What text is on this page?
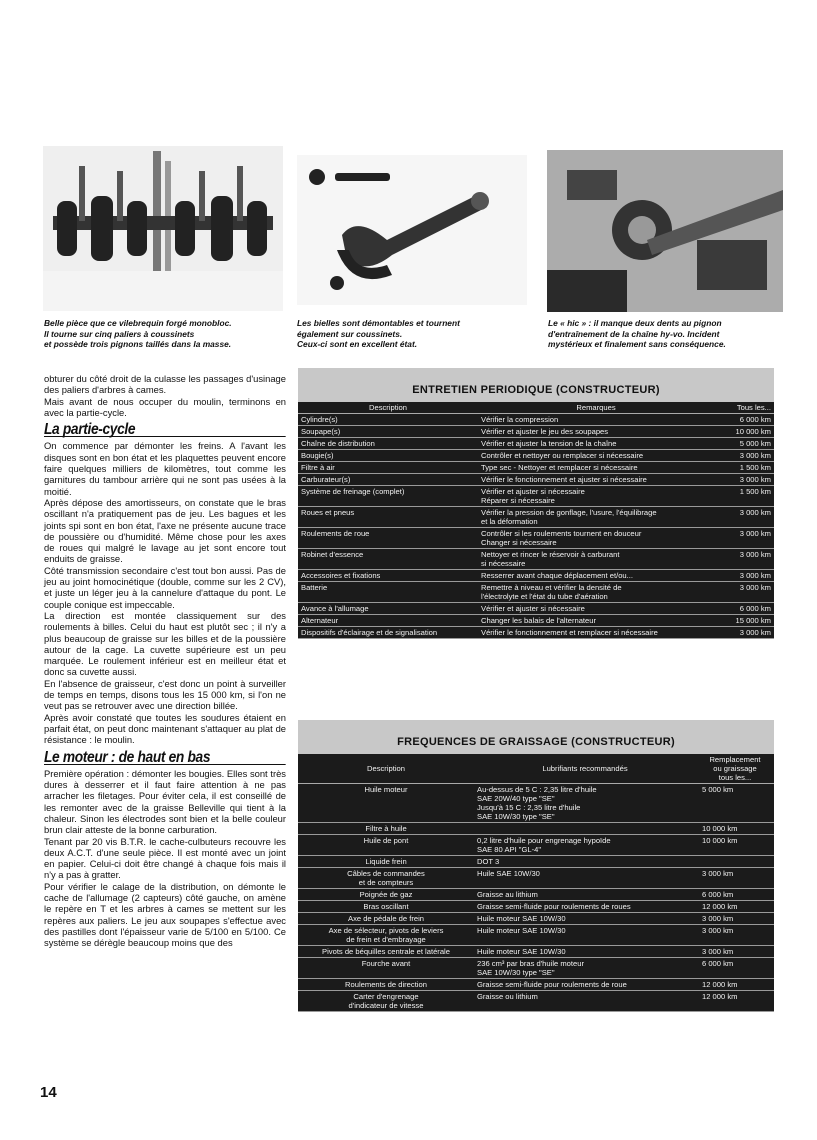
Belle pièce que ce vilebrequin forgé monobloc.
Il tourne sur cinq paliers à coussinets
et possède trois pignons taillés dans la masse.
Les bielles sont démontables et tournent
également sur coussinets.
Ceux-ci sont en excellent état.
Le « hic » : il manque deux dents au pignon
d'entraînement de la chaîne hy-vo. Incident
mystérieux et finalement sans conséquence.

obturer du côté droit de la culasse les passages d'usinage des paliers d'arbres à cames.

Mais avant de nous occuper du moulin, terminons en avec la partie-cycle.

La partie-cycle

On commence par démonter les freins. A l'avant les disques sont en bon état et les plaquettes peuvent encore faire quelques milliers de kilomètres, tout comme les garnitures du tambour arrière qui ne sont pas usées à la moitié.

Après dépose des amortisseurs, on constate que le bras oscillant n'a pratiquement pas de jeu. Les bagues et les joints spi sont en bon état, l'axe ne présente aucune trace de poussière ou d'humidité. Même chose pour les axes de roues qui malgré le lavage au jet sont encore tout enduits de graisse.

Côté transmission secondaire c'est tout bon aussi. Pas de jeu au joint homocinétique (double, comme sur les 2 CV), et juste un léger jeu à la cannelure d'attaque du pont. Le couple conique est impeccable.

La direction est montée classiquement sur des roulements à billes. Celui du haut est plutôt sec ; il n'y a plus beaucoup de graisse sur les billes et de la poussière autour de la cage. La cuvette supérieure est un peu marquée. Le roulement inférieur est en meilleur état et donc sa cuvette aussi.

En l'absence de graisseur, c'est donc un point à surveiller de temps en temps, disons tous les 15 000 km, si l'on ne veut pas se retrouver avec une direction billée.

Après avoir constaté que toutes les soudures étaient en parfait état, on peut donc maintenant s'attaquer au plat de résistance : le moulin.

Le moteur : de haut en bas

Première opération : démonter les bougies. Elles sont très dures à desserrer et il faut faire attention à ne pas arracher les filetages. Pour éviter cela, il est conseillé de les remonter avec de la graisse Belleville qui tient à la chaleur. Sinon les électrodes sont bien et la belle couleur brun clair atteste de la bonne carburation.

Tenant par 20 vis B.T.R. le cache-culbuteurs recouvre les deux A.C.T. d'une seule pièce. Il est monté avec un joint en papier. Celui-ci doit être changé à chaque fois mais il n'y a pas à gratter.

Pour vérifier le calage de la distribution, on démonte le cache de l'allumage (2 capteurs) côté gauche, on amène le repère en T et les arbres à cames se mettent sur les repères aux paliers. Le jeu aux soupapes s'effectue avec des pastilles dont l'épaisseur varie de 5/100 en 5/100. Ce système se dérègle beaucoup moins que des

14
ENTRETIEN PERIODIQUE (CONSTRUCTEUR)
Description	Remarques	Tous les...
Cylindre(s)	Vérifier la compression	6 000 km
Soupape(s)	Vérifier et ajuster le jeu des soupapes	10 000 km
Chaîne de distribution	Vérifier et ajuster la tension de la chaîne	5 000 km
Bougie(s)	Contrôler et nettoyer ou remplacer si nécessaire	3 000 km
Filtre à air	Type sec - Nettoyer et remplacer si nécessaire	1 500 km
Carburateur(s)	Vérifier le fonctionnement et ajuster si nécessaire	3 000 km
Système de freinage (complet)	Vérifier et ajuster si nécessaire
Réparer si nécessaire	1 500 km
Roues et pneus	Vérifier la pression de gonflage, l'usure, l'équilibrage
et la déformation	3 000 km
Roulements de roue	Contrôler si les roulements tournent en douceur
Changer si nécessaire	3 000 km
Robinet d'essence	Nettoyer et rincer le réservoir à carburant
si nécessaire	3 000 km
Accessoires et fixations	Resserrer avant chaque déplacement et/ou...	3 000 km
Batterie	Remettre à niveau et vérifier la densité de
l'électrolyte et l'état du tube d'aération	3 000 km
Avance à l'allumage	Vérifier et ajuster si nécessaire	6 000 km
Alternateur	Changer les balais de l'alternateur	15 000 km
Dispositifs d'éclairage et de signalisation	Vérifier le fonctionnement et remplacer si nécessaire	3 000 km
FREQUENCES DE GRAISSAGE (CONSTRUCTEUR)
Description	Lubrifiants recommandés	Remplacement
ou graissage
tous les...
Huile moteur	Au-dessus de 5 C : 2,35 litre d'huile
SAE 20W/40 type "SE"
Jusqu'à 15 C : 2,35 litre d'huile
SAE 10W/30 type "SE"	5 000 km
Filtre à huile		10 000 km
Huile de pont	0,2 litre d'huile pour engrenage hypoïde
SAE 80 API "GL-4"	10 000 km
Liquide frein	DOT 3	
Câbles de commandes
et de compteurs	Huile SAE 10W/30	3 000 km
Poignée de gaz	Graisse au lithium	6 000 km
Bras oscillant	Graisse semi-fluide pour roulements de roues	12 000 km
Axe de pédale de frein	Huile moteur SAE 10W/30	3 000 km
Axe de sélecteur, pivots de leviers
de frein et d'embrayage	Huile moteur SAE 10W/30	3 000 km
Pivots de béquilles centrale et latérale	Huile moteur SAE 10W/30	3 000 km
Fourche avant	236 cm³ par bras d'huile moteur
SAE 10W/30 type "SE"	6 000 km
Roulements de direction	Graisse semi-fluide pour roulements de roue	12 000 km
Carter d'engrenage
d'indicateur de vitesse	Graisse ou lithium	12 000 km
